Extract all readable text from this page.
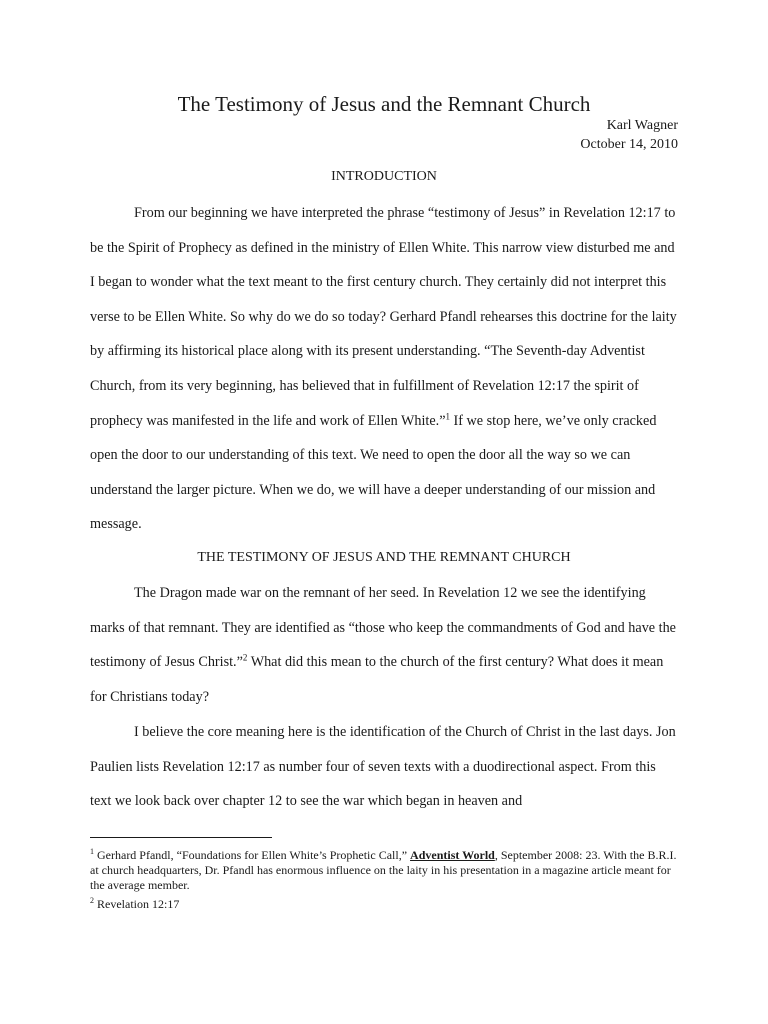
The Testimony of Jesus and the Remnant Church
Karl Wagner
October 14, 2010
INTRODUCTION

From our beginning we have interpreted the phrase “testimony of Jesus” in Revelation 12:17 to be the Spirit of Prophecy as defined in the ministry of Ellen White. This narrow view disturbed me and I began to wonder what the text meant to the first century church. They certainly did not interpret this verse to be Ellen White. So why do we do so today? Gerhard Pfandl rehearses this doctrine for the laity by affirming its historical place along with its present understanding. “The Seventh-day Adventist Church, from its very beginning, has believed that in fulfillment of Revelation 12:17 the spirit of prophecy was manifested in the life and work of Ellen White.”$^1$ If we stop here, we’ve only cracked open the door to our understanding of this text. We need to open the door all the way so we can understand the larger picture. When we do, we will have a deeper understanding of our mission and message.

THE TESTIMONY OF JESUS AND THE REMNANT CHURCH

The Dragon made war on the remnant of her seed. In Revelation 12 we see the identifying marks of that remnant. They are identified as “those who keep the commandments of God and have the testimony of Jesus Christ.”$^2$ What did this mean to the church of the first century? What does it mean for Christians today?

I believe the core meaning here is the identification of the Church of Christ in the last days. Jon Paulien lists Revelation 12:17 as number four of seven texts with a duodirectional aspect. From this text we look back over chapter 12 to see the war which began in heaven and

$^1$ Gerhard Pfandl, “Foundations for Ellen White’s Prophetic Call,” Adventist World, September 2008: 23. With the B.R.I. at church headquarters, Dr. Pfandl has enormous influence on the laity in his presentation in a magazine article meant for the average member.

$^2$ Revelation 12:17
